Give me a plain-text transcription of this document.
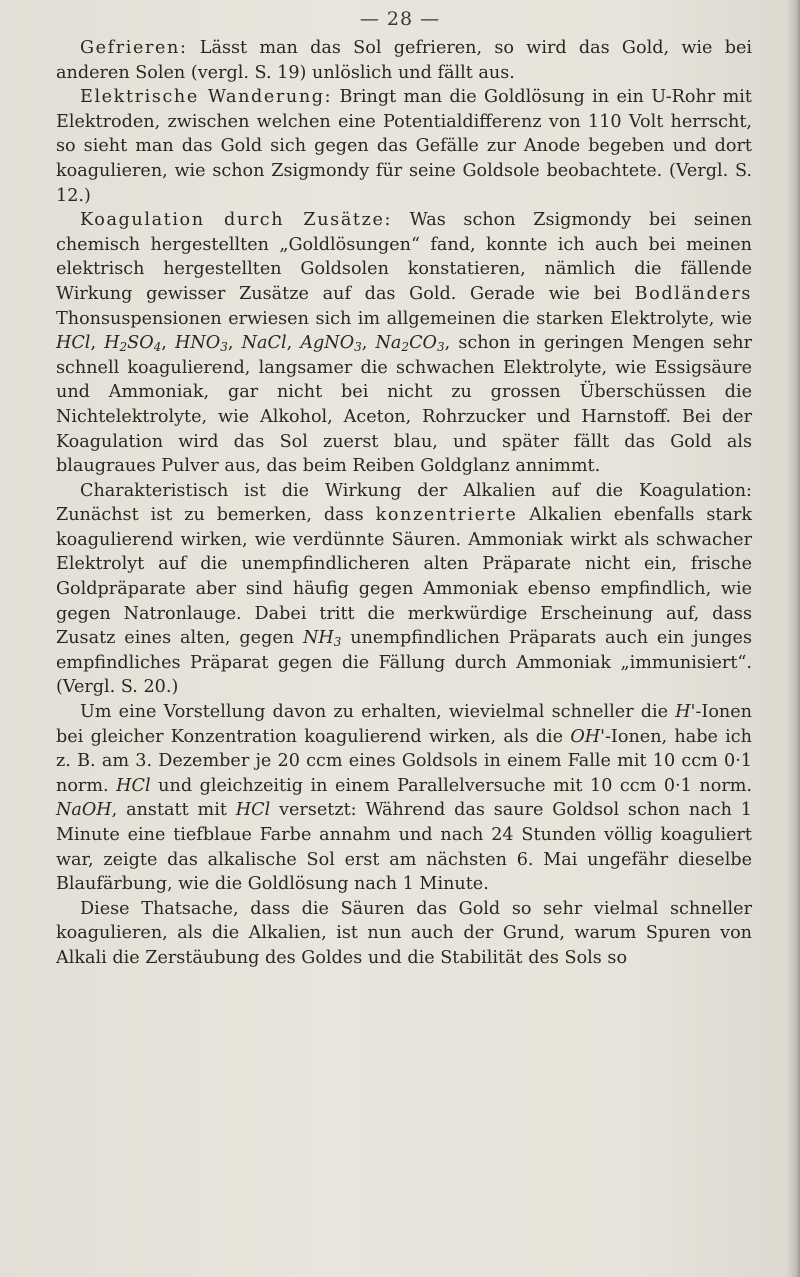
— 28 —

Gefrieren: Lässt man das Sol gefrieren, so wird das Gold, wie bei anderen Solen (vergl. S. 19) unlöslich und fällt aus.

Elektrische Wanderung: Bringt man die Goldlösung in ein U-Rohr mit Elektroden, zwischen welchen eine Potentialdifferenz von 110 Volt herrscht, so sieht man das Gold sich gegen das Gefälle zur Anode begeben und dort koagulieren, wie schon Zsigmondy für seine Goldsole beobachtete. (Vergl. S. 12.)

Koagulation durch Zusätze: Was schon Zsigmondy bei seinen chemisch hergestellten „Goldlösungen“ fand, konnte ich auch bei meinen elektrisch hergestellten Goldsolen konstatieren, nämlich die fällende Wirkung gewisser Zusätze auf das Gold. Gerade wie bei Bodländers Thonsuspensionen erwiesen sich im allgemeinen die starken Elektrolyte, wie HCl, $H_2SO_4$, $HNO_3$, NaCl, AgNO$_3$, $Na_2CO_3$, schon in geringen Mengen sehr schnell koagulierend, langsamer die schwachen Elektrolyte, wie Essigsäure und Ammoniak, gar nicht bei nicht zu grossen Überschüssen die Nichtelektrolyte, wie Alkohol, Aceton, Rohrzucker und Harnstoff. Bei der Koagulation wird das Sol zuerst blau, und später fällt das Gold als blaugraues Pulver aus, das beim Reiben Goldglanz annimmt.

Charakteristisch ist die Wirkung der Alkalien auf die Koagulation: Zunächst ist zu bemerken, dass konzentrierte Alkalien ebenfalls stark koagulierend wirken, wie verdünnte Säuren. Ammoniak wirkt als schwacher Elektrolyt auf die unempfindlicheren alten Präparate nicht ein, frische Goldpräparate aber sind häufig gegen Ammoniak ebenso empfindlich, wie gegen Natronlauge. Dabei tritt die merkwürdige Erscheinung auf, dass Zusatz eines alten, gegen $NH_3$ unempfindlichen Präparats auch ein junges empfindliches Präparat gegen die Fällung durch Ammoniak „immunisiert“. (Vergl. S. 20.)

Um eine Vorstellung davon zu erhalten, wievielmal schneller die H'-Ionen bei gleicher Konzentration koagulierend wirken, als die OH'-Ionen, habe ich z. B. am 3. Dezember je 20 ccm eines Goldsols in einem Falle mit 10 ccm 0·1 norm. HCl und gleichzeitig in einem Parallelversuche mit 10 ccm 0·1 norm. NaOH, anstatt mit HCl versetzt: Während das saure Goldsol schon nach 1 Minute eine tiefblaue Farbe annahm und nach 24 Stunden völlig koaguliert war, zeigte das alkalische Sol erst am nächsten 6. Mai ungefähr dieselbe Blaufärbung, wie die Goldlösung nach 1 Minute.

Diese Thatsache, dass die Säuren das Gold so sehr vielmal schneller koagulieren, als die Alkalien, ist nun auch der Grund, warum Spuren von Alkali die Zerstäubung des Goldes und die Stabilität des Sols so
